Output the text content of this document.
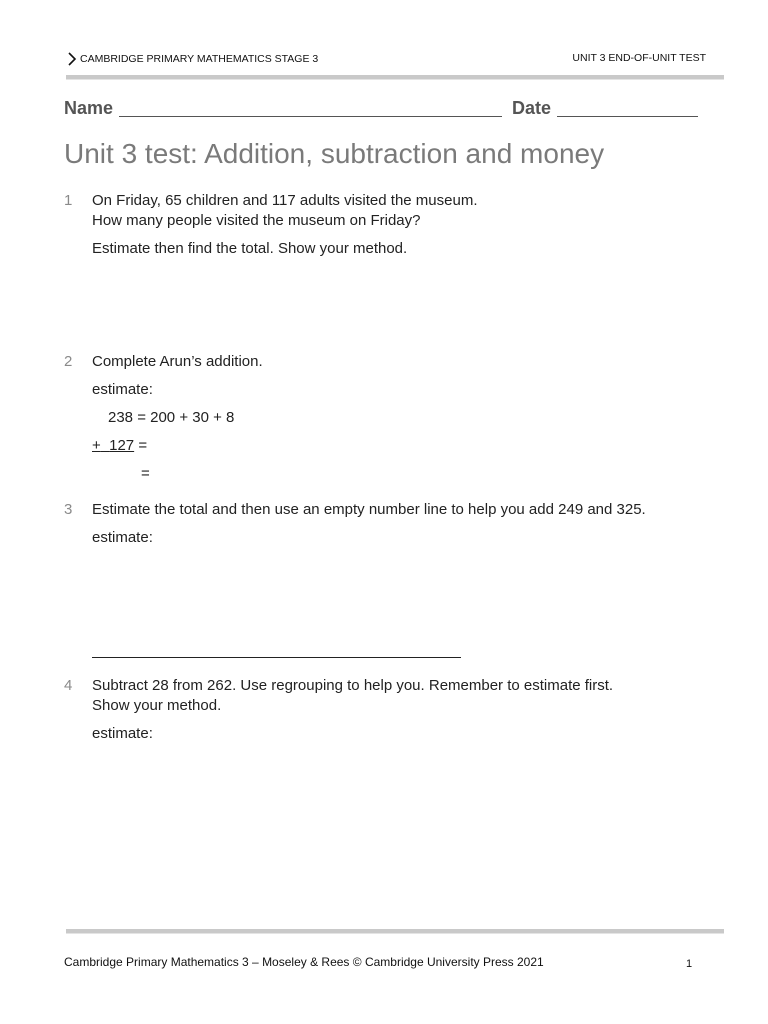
CAMBRIDGE PRIMARY MATHEMATICS STAGE 3	UNIT 3 END-OF-UNIT TEST
Name	Date
Unit 3 test: Addition, subtraction and money
1	On Friday, 65 children and 117 adults visited the museum.

How many people visited the museum on Friday?

Estimate then find the total. Show your method.

2	Complete Arun’s addition.

estimate:

238 = 200 + 30 + 8
+ 127 =
=
3	Estimate the total and then use an empty number line to help you add 249 and 325.

estimate:

4	Subtract 28 from 262. Use regrouping to help you. Remember to estimate first.

Show your method.

estimate:

Cambridge Primary Mathematics 3 – Moseley & Rees © Cambridge University Press 2021	1
